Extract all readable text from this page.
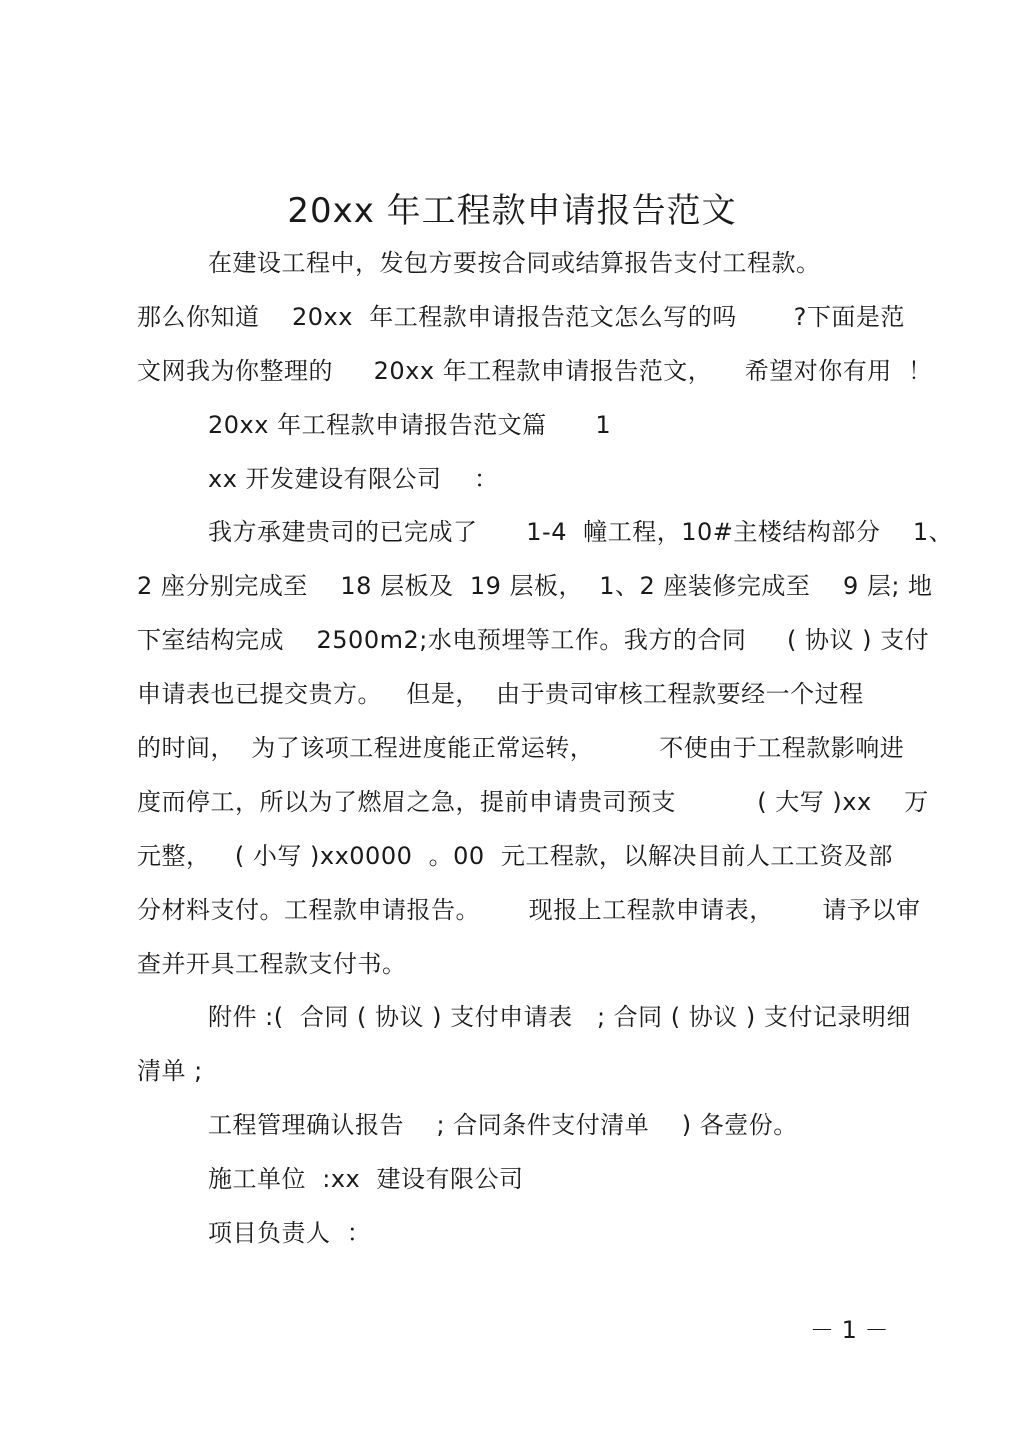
20xx 年工程款申请报告范文
在建设工程中，发包方要按合同或结算报告支付工程款。
那么你知道    20xx  年工程款申请报告范文怎么写的吗       ?下面是范
文网我为你整理的     20xx 年工程款申请报告范文，    希望对你有用  ！
20xx 年工程款申请报告范文篇      1
xx 开发建设有限公司    ：
我方承建贵司的已完成了      1-4  幢工程，10#主楼结构部分    1、
2 座分别完成至    18 层板及  19 层板，  1、2 座装修完成至    9 层; 地
下室结构完成    2500m2;水电预埋等工作。我方的合同     ( 协议 ) 支付
申请表也已提交贵方。   但是，  由于贵司审核工程款要经一个过程
的时间，  为了该项工程进度能正常运转，        不使由于工程款影响进
度而停工，所以为了燃眉之急，提前申请贵司预支          ( 大写 )xx    万
元整，   ( 小写 )xx0000  。00  元工程款，以解决目前人工工资及部
分材料支付。工程款申请报告。      现报上工程款申请表，      请予以审
查并开具工程款支付书。
附件 :(  合同 ( 协议 ) 支付申请表   ; 合同 ( 协议 ) 支付记录明细
清单 ;
工程管理确认报告    ; 合同条件支付清单    ) 各壹份。
施工单位  :xx  建设有限公司
项目负责人  ：
－ 1 －
